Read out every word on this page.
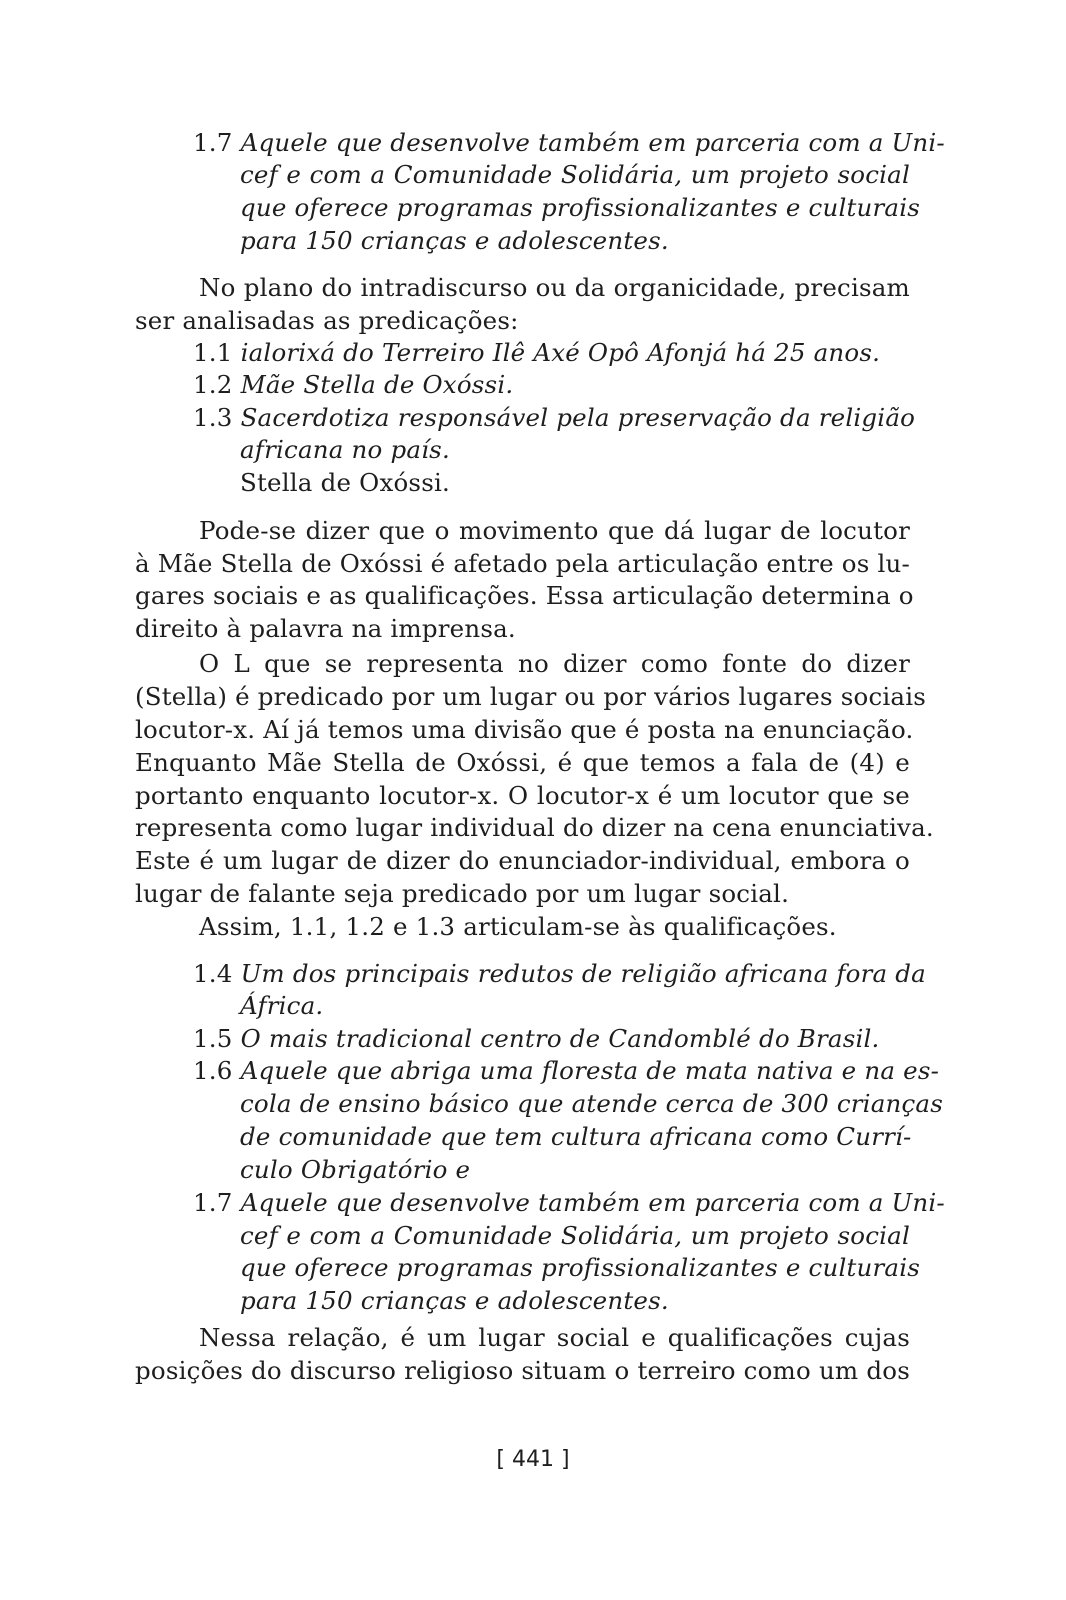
1.7 Aquele que desenvolve também em parceria com a Uni-
cef e com a Comunidade Solidária, um projeto social
que oferece programas profissionalizantes e culturais
para 150 crianças e adolescentes.
No plano do intradiscurso ou da organicidade, precisam
ser analisadas as predicações:
1.1 ialorixá do Terreiro Ilê Axé Opô Afonjá há 25 anos.
1.2 Mãe Stella de Oxóssi.
1.3 Sacerdotiza responsável pela preservação da religião
africana no país.
Stella de Oxóssi.
Pode-se dizer que o movimento que dá lugar de locutor
à Mãe Stella de Oxóssi é afetado pela articulação entre os lu-
gares sociais e as qualificações. Essa articulação determina o
direito à palavra na imprensa.
O L que se representa no dizer como fonte do dizer
(Stella) é predicado por um lugar ou por vários lugares sociais
locutor-x. Aí já temos uma divisão que é posta na enunciação.
Enquanto Mãe Stella de Oxóssi, é que temos a fala de (4) e
portanto enquanto locutor-x. O locutor-x é um locutor que se
representa como lugar individual do dizer na cena enunciativa.
Este é um lugar de dizer do enunciador-individual, embora o
lugar de falante seja predicado por um lugar social.
Assim, 1.1, 1.2 e 1.3 articulam-se às qualificações.
1.4 Um dos principais redutos de religião africana fora da
África.
1.5 O mais tradicional centro de Candomblé do Brasil.
1.6 Aquele que abriga uma floresta de mata nativa e na es-
cola de ensino básico que atende cerca de 300 crianças
de comunidade que tem cultura africana como Currí-
culo Obrigatório e
1.7 Aquele que desenvolve também em parceria com a Uni-
cef e com a Comunidade Solidária, um projeto social
que oferece programas profissionalizantes e culturais
para 150 crianças e adolescentes.
Nessa relação, é um lugar social e qualificações cujas
posições do discurso religioso situam o terreiro como um dos
[ 441 ]
